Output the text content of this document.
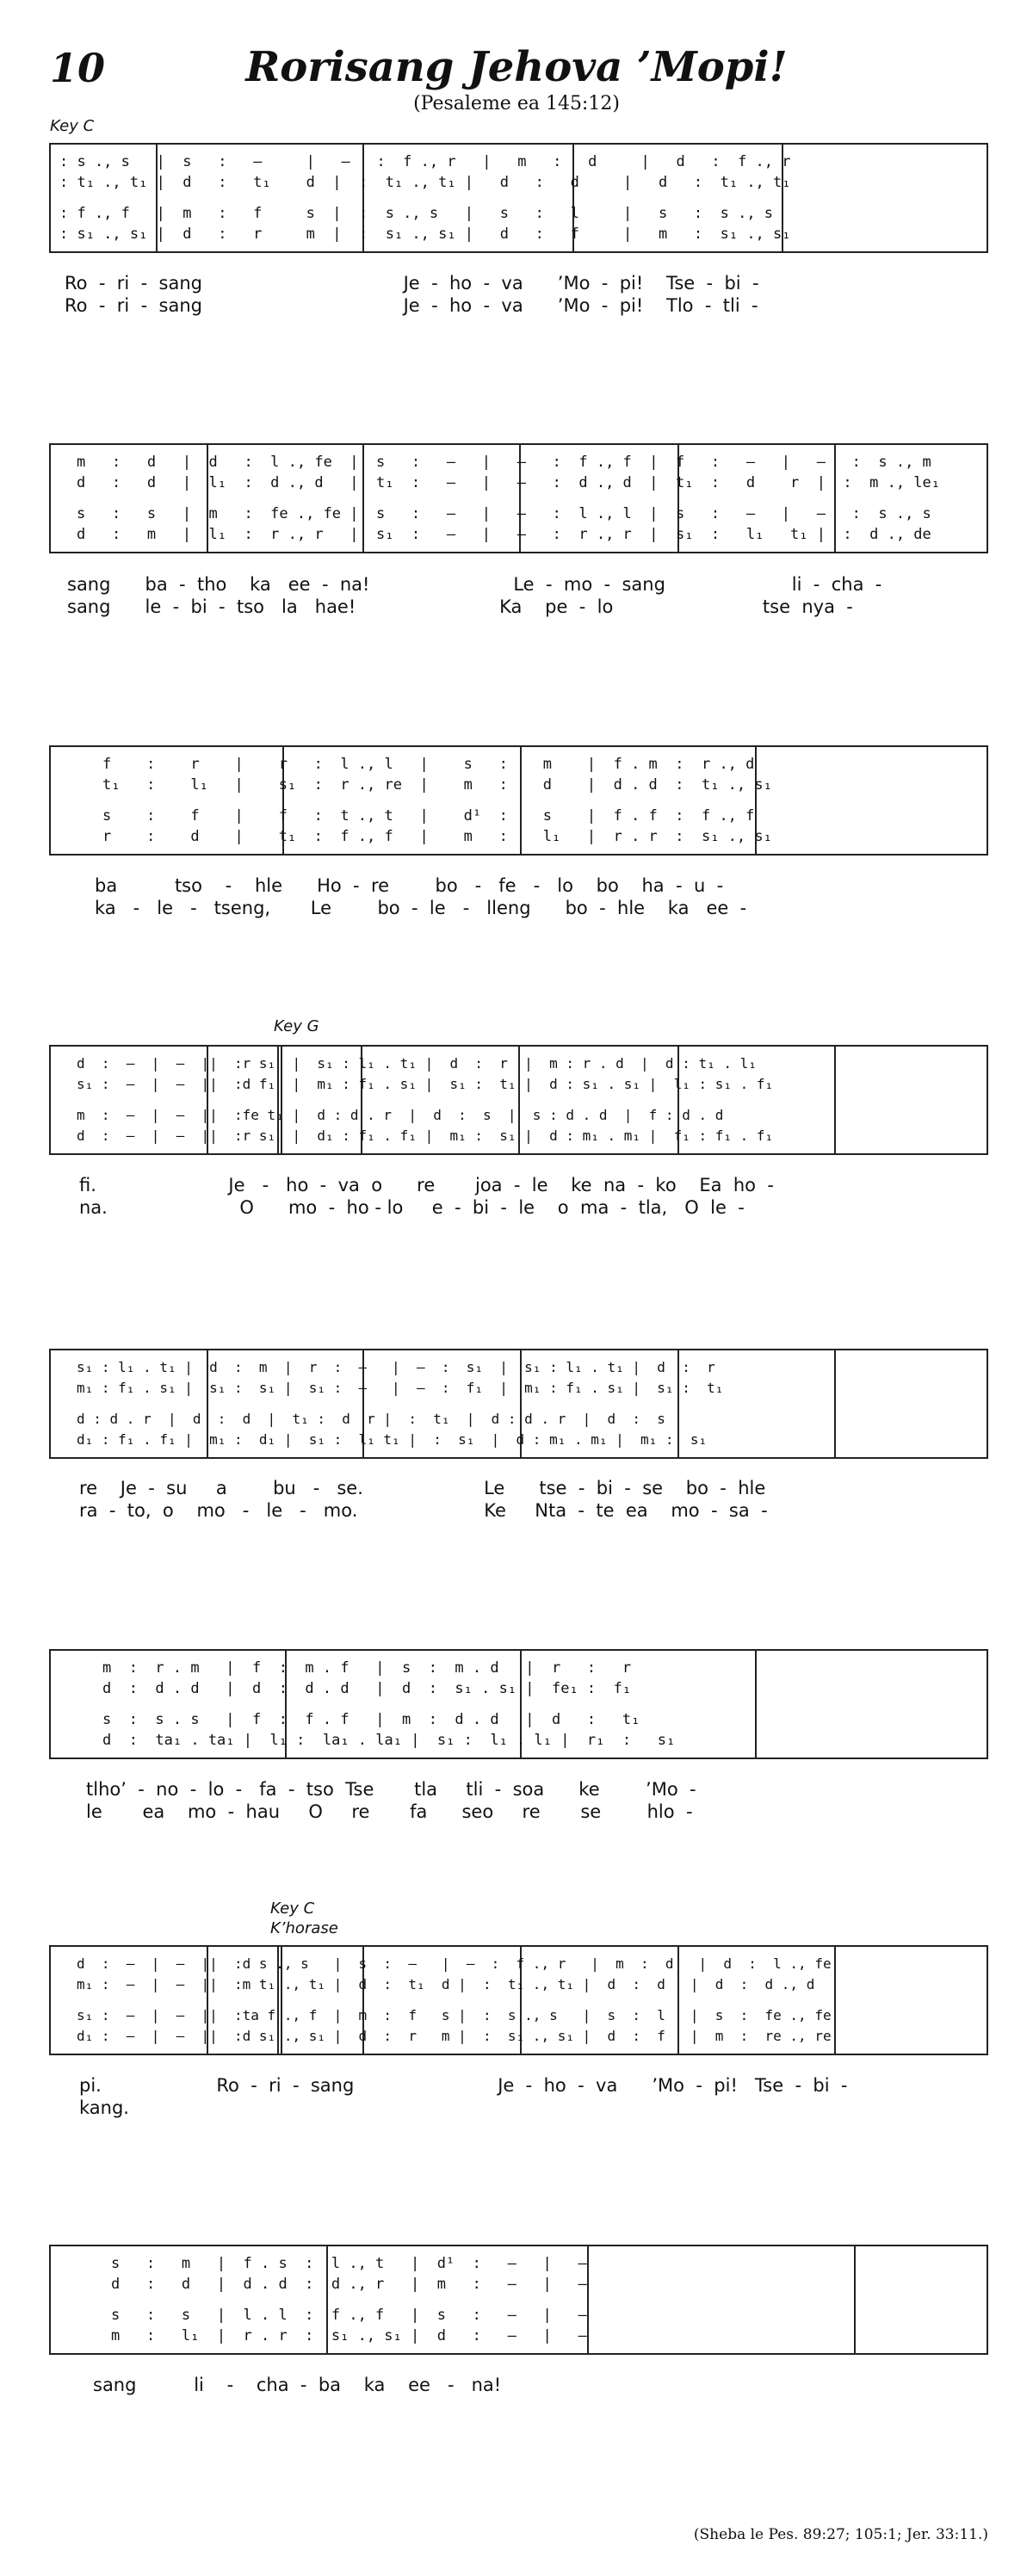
10	Rorisang Jehova ’Mopi!
(Pesaleme ea 145:12)
Key C
Key G
Key C
K’horase

: s ., s   |  s   :   —     |   —   :  f ., r   |   m   :   d     |   d   :  f ., r

: t₁ ., t₁ |  d   :   t₁    d  |  :  t₁ ., t₁ |   d   :   d     |   d   :  t₁ ., t₁

: f ., f   |  m   :   f     s  |  :  s ., s   |   s   :   l     |   s   :  s ., s

: s₁ ., s₁ |  d   :   r     m  |  :  s₁ ., s₁ |   d   :   f     |   m   :  s₁ ., s₁

Ro  -  ri  -  sang                                   Je  -  ho  -  va      ’Mo  -  pi!    Tse  -  bi  -
Ro  -  ri  -  sang                                   Je  -  ho  -  va      ’Mo  -  pi!    Tlo  -  tli  -

m   :   d   |  d   :  l ., fe  |  s   :   —   |   —   :  f ., f  |  f   :   —   |   —   :  s ., m

d   :   d   |  l₁  :  d ., d   |  t₁  :   —   |   —   :  d ., d  |  t₁  :   d    r  |  :  m ., le₁

s   :   s   |  m   :  fe ., fe |  s   :   —   |   —   :  l ., l  |  s   :   —   |   —   :  s ., s

d   :   m   |  l₁  :  r ., r   |  s₁  :   —   |   —   :  r ., r  |  s₁  :   l₁   t₁ |  :  d ., de

sang      ba  -  tho    ka   ee  -  na!                         Le  -  mo  -  sang                      li  -  cha  -
sang      le  -  bi  -  tso   la   hae!                         Ka    pe  -  lo                          tse  nya  -

f    :    r    |    r   :  l ., l   |    s   :    m    |  f . m  :  r ., d

t₁   :    l₁   |    s₁  :  r ., re  |    m   :    d    |  d . d  :  t₁ ., s₁

s    :    f    |    f   :  t ., t   |    d¹  :    s    |  f . f  :  f ., f

r    :    d    |    t₁  :  f ., f   |    m   :    l₁   |  r . r  :  s₁ ., s₁

ba          tso    -    hle      Ho  -  re        bo   -   fe   -   lo    bo    ha  -  u  -
ka   -   le   -   tseng,       Le        bo  -  le   -   lleng      bo  -  hle    ka   ee  -

d  :  —  |  —  ||  :r s₁  |  s₁ : l₁ . t₁ |  d  :  r  |  m : r . d  |  d : t₁ . l₁

s₁ :  —  |  —  ||  :d f₁  |  m₁ : f₁ . s₁ |  s₁ :  t₁ |  d : s₁ . s₁ |  l₁ : s₁ . f₁

m  :  —  |  —  ||  :fe t₁ |  d : d . r  |  d  :  s  |  s : d . d  |  f : d . d

d  :  —  |  —  ||  :r s₁  |  d₁ : f₁ . f₁ |  m₁ :  s₁ |  d : m₁ . m₁ |  f₁ : f₁ . f₁

fi.                       Je   -   ho  -  va  o      re       joa  -  le    ke  na  -  ko    Ea  ho  -
na.                       O      mo  -  ho - lo     e  -  bi  -  le    o  ma  -  tla,   O  le  -

s₁ : l₁ . t₁ |  d  :  m  |  r  :  —   |  —  :  s₁  |  s₁ : l₁ . t₁ |  d  :  r

m₁ : f₁ . s₁ |  s₁ :  s₁ |  s₁ :  —   |  —  :  f₁  |  m₁ : f₁ . s₁ |  s₁ :  t₁

d : d . r  |  d  :  d  |  t₁ :  d  r |  :  t₁  |  d : d . r  |  d  :  s

d₁ : f₁ . f₁ |  m₁ :  d₁ |  s₁ :  l₁ t₁ |  :  s₁  |  d : m₁ . m₁ |  m₁ :  s₁

re    Je  -  su     a        bu   -   se.                     Le      tse  -  bi  -  se    bo  -  hle
ra  -  to,  o    mo   -   le   -   mo.                      Ke     Nta  -  te  ea    mo  -  sa  -

m  :  r . m   |  f  :  m . f   |  s  :  m . d   |  r   :   r

d  :  d . d   |  d  :  d . d   |  d  :  s₁ . s₁ |  fe₁ :  f₁

s  :  s . s   |  f  :  f . f   |  m  :  d . d   |  d   :   t₁

d  :  ta₁ . ta₁ |  l₁ :  la₁ . la₁ |  s₁ :  l₁ . l₁ |  r₁  :   s₁

tlho’  -  no  -  lo  -   fa  -  tso  Tse       tla     tli  -  soa      ke        ’Mo  -
le       ea    mo  -  hau     O     re       fa      seo     re       se        hlo  -

d  :  —  |  —  ||  :d s ., s   |  s  :  —   |  —  :  f ., r   |  m  :  d   |  d  :  l ., fe

m₁ :  —  |  —  ||  :m t₁ ., t₁ |  d  :  t₁  d |  :  t₁ ., t₁ |  d  :  d   |  d  :  d ., d

s₁ :  —  |  —  ||  :ta f ., f  |  m  :  f   s |  :  s ., s   |  s  :  l   |  s  :  fe ., fe

d₁ :  —  |  —  ||  :d s₁ ., s₁ |  d  :  r   m |  :  s₁ ., s₁ |  d  :  f   |  m  :  re ., re

pi.                    Ro  -  ri  -  sang                         Je  -  ho  -  va      ’Mo  -  pi!   Tse  -  bi  -
kang.

s   :   m   |  f . s  :  l ., t   |  d¹  :   —   |   —

d   :   d   |  d . d  :  d ., r   |  m   :   —   |   —

s   :   s   |  l . l  :  f ., f   |  s   :   —   |   —

m   :   l₁  |  r . r  :  s₁ ., s₁ |  d   :   —   |   —

sang          li    -    cha  -  ba    ka    ee   -   na!
(Sheba le Pes. 89:27; 105:1; Jer. 33:11.)
